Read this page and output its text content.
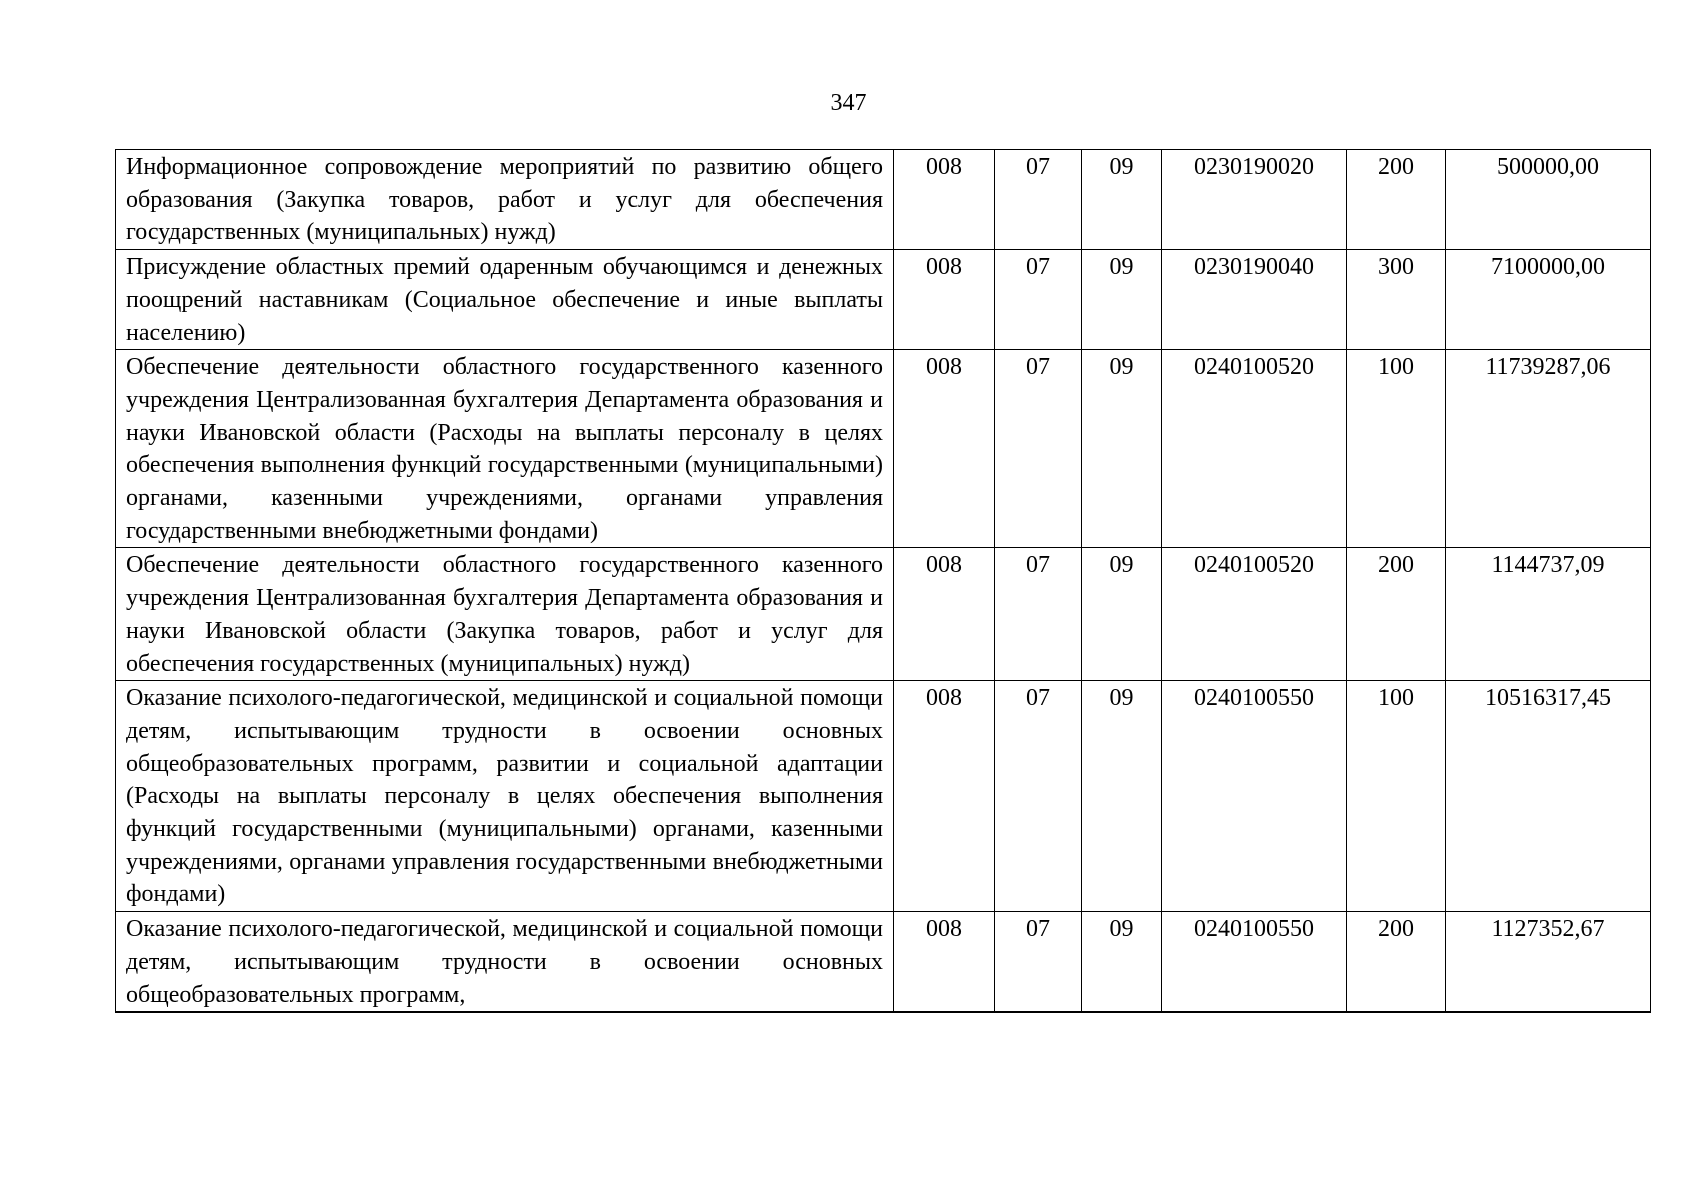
347
Информационное сопровождение мероприятий по развитию общего образования (Закупка товаров, работ и услуг для обеспечения государственных (муниципальных) нужд)	008	07	09	0230190020	200	500000,00
Присуждение областных премий одаренным обучающимся и денежных поощрений наставникам (Социальное обеспечение и иные выплаты населению)	008	07	09	0230190040	300	7100000,00
Обеспечение деятельности областного государственного казенного учреждения Централизованная бухгалтерия Департамента образования и науки Ивановской области (Расходы на выплаты персоналу в целях обеспечения выполнения функций государственными (муниципальными) органами, казенными учреждениями, органами управления государственными внебюджетными фондами)	008	07	09	0240100520	100	11739287,06
Обеспечение деятельности областного государственного казенного учреждения Централизованная бухгалтерия Департамента образования и науки Ивановской области (Закупка товаров, работ и услуг для обеспечения государственных (муниципальных) нужд)	008	07	09	0240100520	200	1144737,09
Оказание психолого-педагогической, медицинской и социальной помощи детям, испытывающим трудности в освоении основных общеобразовательных программ, развитии и социальной адаптации (Расходы на выплаты персоналу в целях обеспечения выполнения функций государственными (муниципальными) органами, казенными учреждениями, органами управления государственными внебюджетными фондами)	008	07	09	0240100550	100	10516317,45
Оказание психолого-педагогической, медицинской и социальной помощи детям, испытывающим трудности в освоении основных общеобразовательных программ,	008	07	09	0240100550	200	1127352,67
